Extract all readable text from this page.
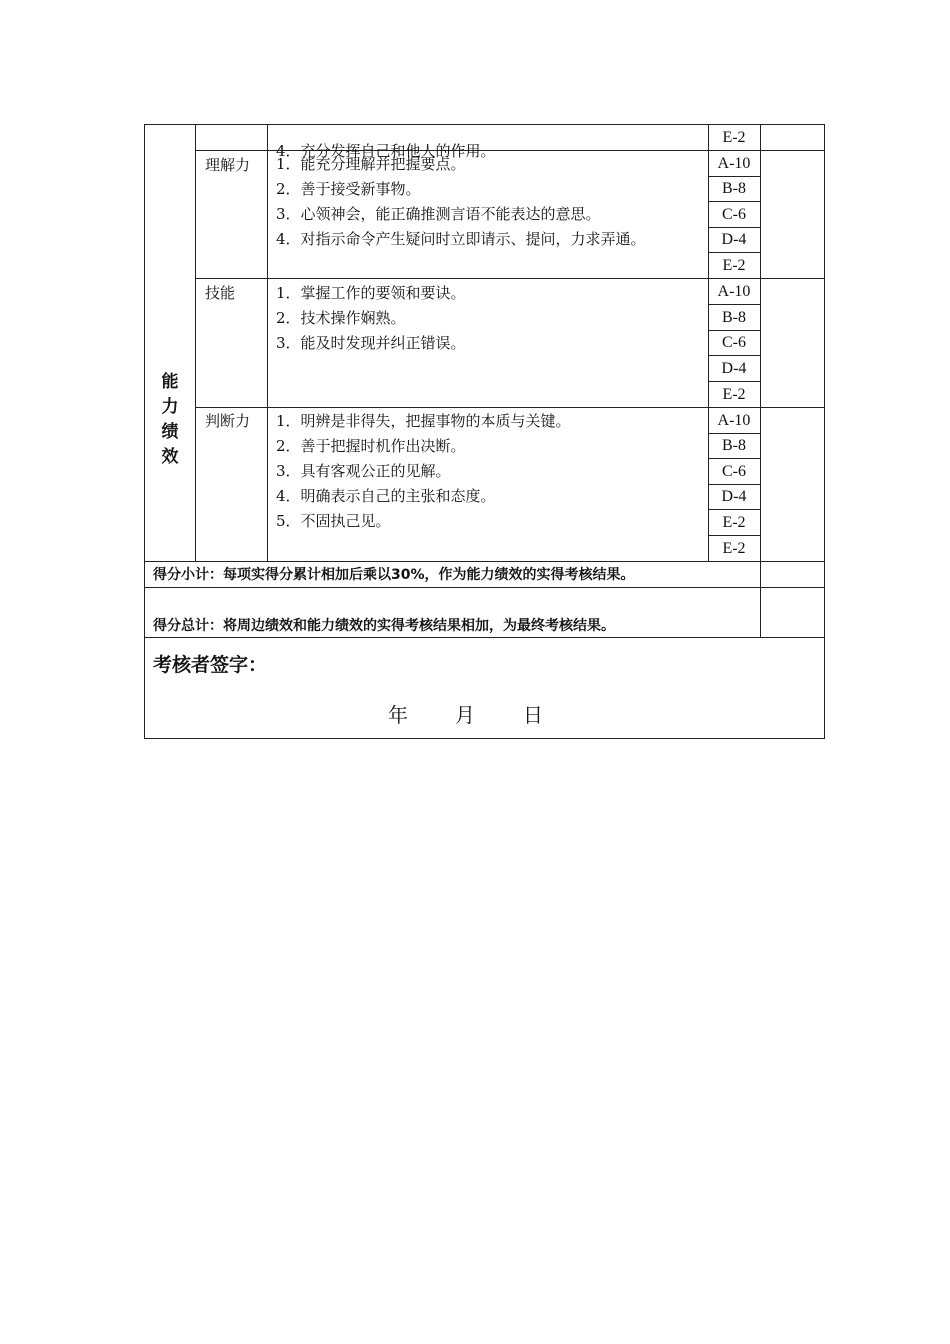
能力绩效
4．充分发挥自己和他人的作用。
E-2
理解力 1．能充分理解并把握要点。
2．善于接受新事物。
3．心领神会，能正确推测言语不能表达的意思。
4．对指示命令产生疑问时立即请示、提问，力求弄通。
A-10
B-8
C-6
D-4
E-2
技能	1．掌握工作的要领和要诀。
2．技术操作娴熟。
3．能及时发现并纠正错误。
A-10
B-8
C-6
D-4
E-2
判断力 1．明辨是非得失，把握事物的本质与关键。
2．善于把握时机作出决断。
3．具有客观公正的见解。
4．明确表示自己的主张和态度。
5．不固执己见。
A-10
B-8
C-6
D-4
E-2
E-2
得分小计：每项实得分累计相加后乘以30%，作为能力绩效的实得考核结果。
得分总计：将周边绩效和能力绩效的实得考核结果相加，为最终考核结果。
考核者签字：
年 月 日
